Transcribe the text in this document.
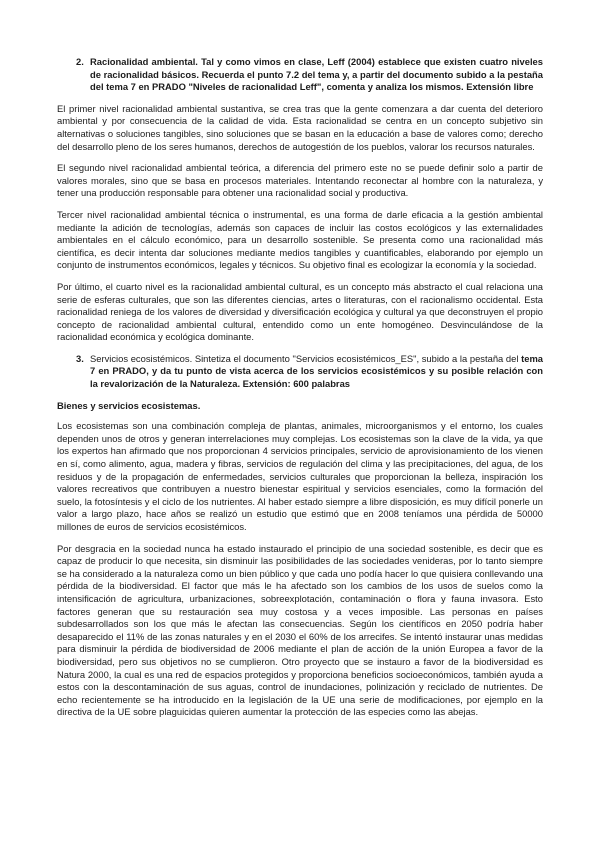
2. Racionalidad ambiental. Tal y como vimos en clase, Leff (2004) establece que existen cuatro niveles de racionalidad básicos. Recuerda el punto 7.2 del tema y, a partir del documento subido a la pestaña del tema 7 en PRADO "Niveles de racionalidad Leff", comenta y analiza los mismos. Extensión libre

El primer nivel racionalidad ambiental sustantiva, se crea tras que la gente comenzara a dar cuenta del deterioro ambiental y por consecuencia de la calidad de vida. Esta racionalidad se centra en un concepto subjetivo sin alternativas o soluciones tangibles, sino soluciones que se basan en la educación a base de valores como; derecho del desarrollo pleno de los seres humanos, derechos de autogestión de los pueblos, valorar los recursos naturales.

El segundo nivel racionalidad ambiental teórica, a diferencia del primero este no se puede definir solo a partir de valores morales, sino que se basa en procesos materiales. Intentando reconectar al hombre con la naturaleza, y tener una producción responsable para obtener una racionalidad social y productiva.

Tercer nivel racionalidad ambiental técnica o instrumental, es una forma de darle eficacia a la gestión ambiental mediante la adición de tecnologías, además son capaces de incluir las costos ecológicos y las externalidades ambientales en el cálculo económico, para un desarrollo sostenible. Se presenta como una racionalidad más científica, es decir intenta dar soluciones mediante medios tangibles y cuantificables, elaborando por ejemplo un conjunto de instrumentos económicos, legales y técnicos. Su objetivo final es ecologizar la economía y la sociedad.

Por último, el cuarto nivel es la racionalidad ambiental cultural, es un concepto más abstracto el cual relaciona una serie de esferas culturales, que son las diferentes ciencias, artes o literaturas, con el racionalismo occidental. Esta racionalidad reniega de los valores de diversidad y diversificación ecológica y cultural ya que deconstruyen el propio concepto de racionalidad ambiental cultural, entendido como un ente homogéneo. Desvinculándose de la racionalidad económica y ecológica dominante.

3. Servicios ecosistémicos. Sintetiza el documento "Servicios ecosistémicos_ES", subido a la pestaña del tema 7 en PRADO, y da tu punto de vista acerca de los servicios ecosistémicos y su posible relación con la revalorización de la Naturaleza. Extensión: 600 palabras
Bienes y servicios ecosistemas.

Los ecosistemas son una combinación compleja de plantas, animales, microorganismos y el entorno, los cuales dependen unos de otros y generan interrelaciones muy complejas. Los ecosistemas son la clave de la vida, ya que los expertos han afirmado que nos proporcionan 4 servicios principales, servicio de aprovisionamiento de los vienen en sí, como alimento, agua, madera y fibras, servicios de regulación del clima y las precipitaciones, del agua, de los residuos y de la propagación de enfermedades, servicios culturales que proporcionan la belleza, inspiración los valores recreativos que contribuyen a nuestro bienestar espiritual y servicios esenciales, como la formación del suelo, la fotosíntesis y el ciclo de los nutrientes. Al haber estado siempre a libre disposición, es muy difícil ponerle un valor a largo plazo, hace años se realizó un estudio que estimó que en 2008 teníamos una pérdida de 50000 millones de euros de servicios ecosistémicos.

Por desgracia en la sociedad nunca ha estado instaurado el principio de una sociedad sostenible, es decir que es capaz de producir lo que necesita, sin disminuir las posibilidades de las sociedades venideras, por lo tanto siempre se ha considerado a la naturaleza como un bien público y que cada uno podía hacer lo que quisiera conllevando una pérdida de la biodiversidad. El factor que más le ha afectado son los cambios de los usos de suelos como la intensificación de agricultura, urbanizaciones, sobreexplotación, contaminación o flora y fauna invasora. Esto factores generan que su restauración sea muy costosa y a veces imposible. Las personas en países subdesarrollados son los que más le afectan las consecuencias. Según los científicos en 2050 podría haber desaparecido el 11% de las zonas naturales y en el 2030 el 60% de los arrecifes. Se intentó instaurar unas medidas para disminuir la pérdida de biodiversidad de 2006 mediante el plan de acción de la unión Europea a favor de la biodiversidad, pero sus objetivos no se cumplieron. Otro proyecto que se instauro a favor de la biodiversidad es Natura 2000, la cual es una red de espacios protegidos y proporciona beneficios socioeconómicos, también ayuda a estos con la descontaminación de sus aguas, control de inundaciones, polinización y reciclado de nutrientes. De echo recientemente se ha introducido en la legislación de la UE una serie de modificaciones, por ejemplo en la directiva de la UE sobre plaguicidas quieren aumentar la protección de las especies como las abejas.
